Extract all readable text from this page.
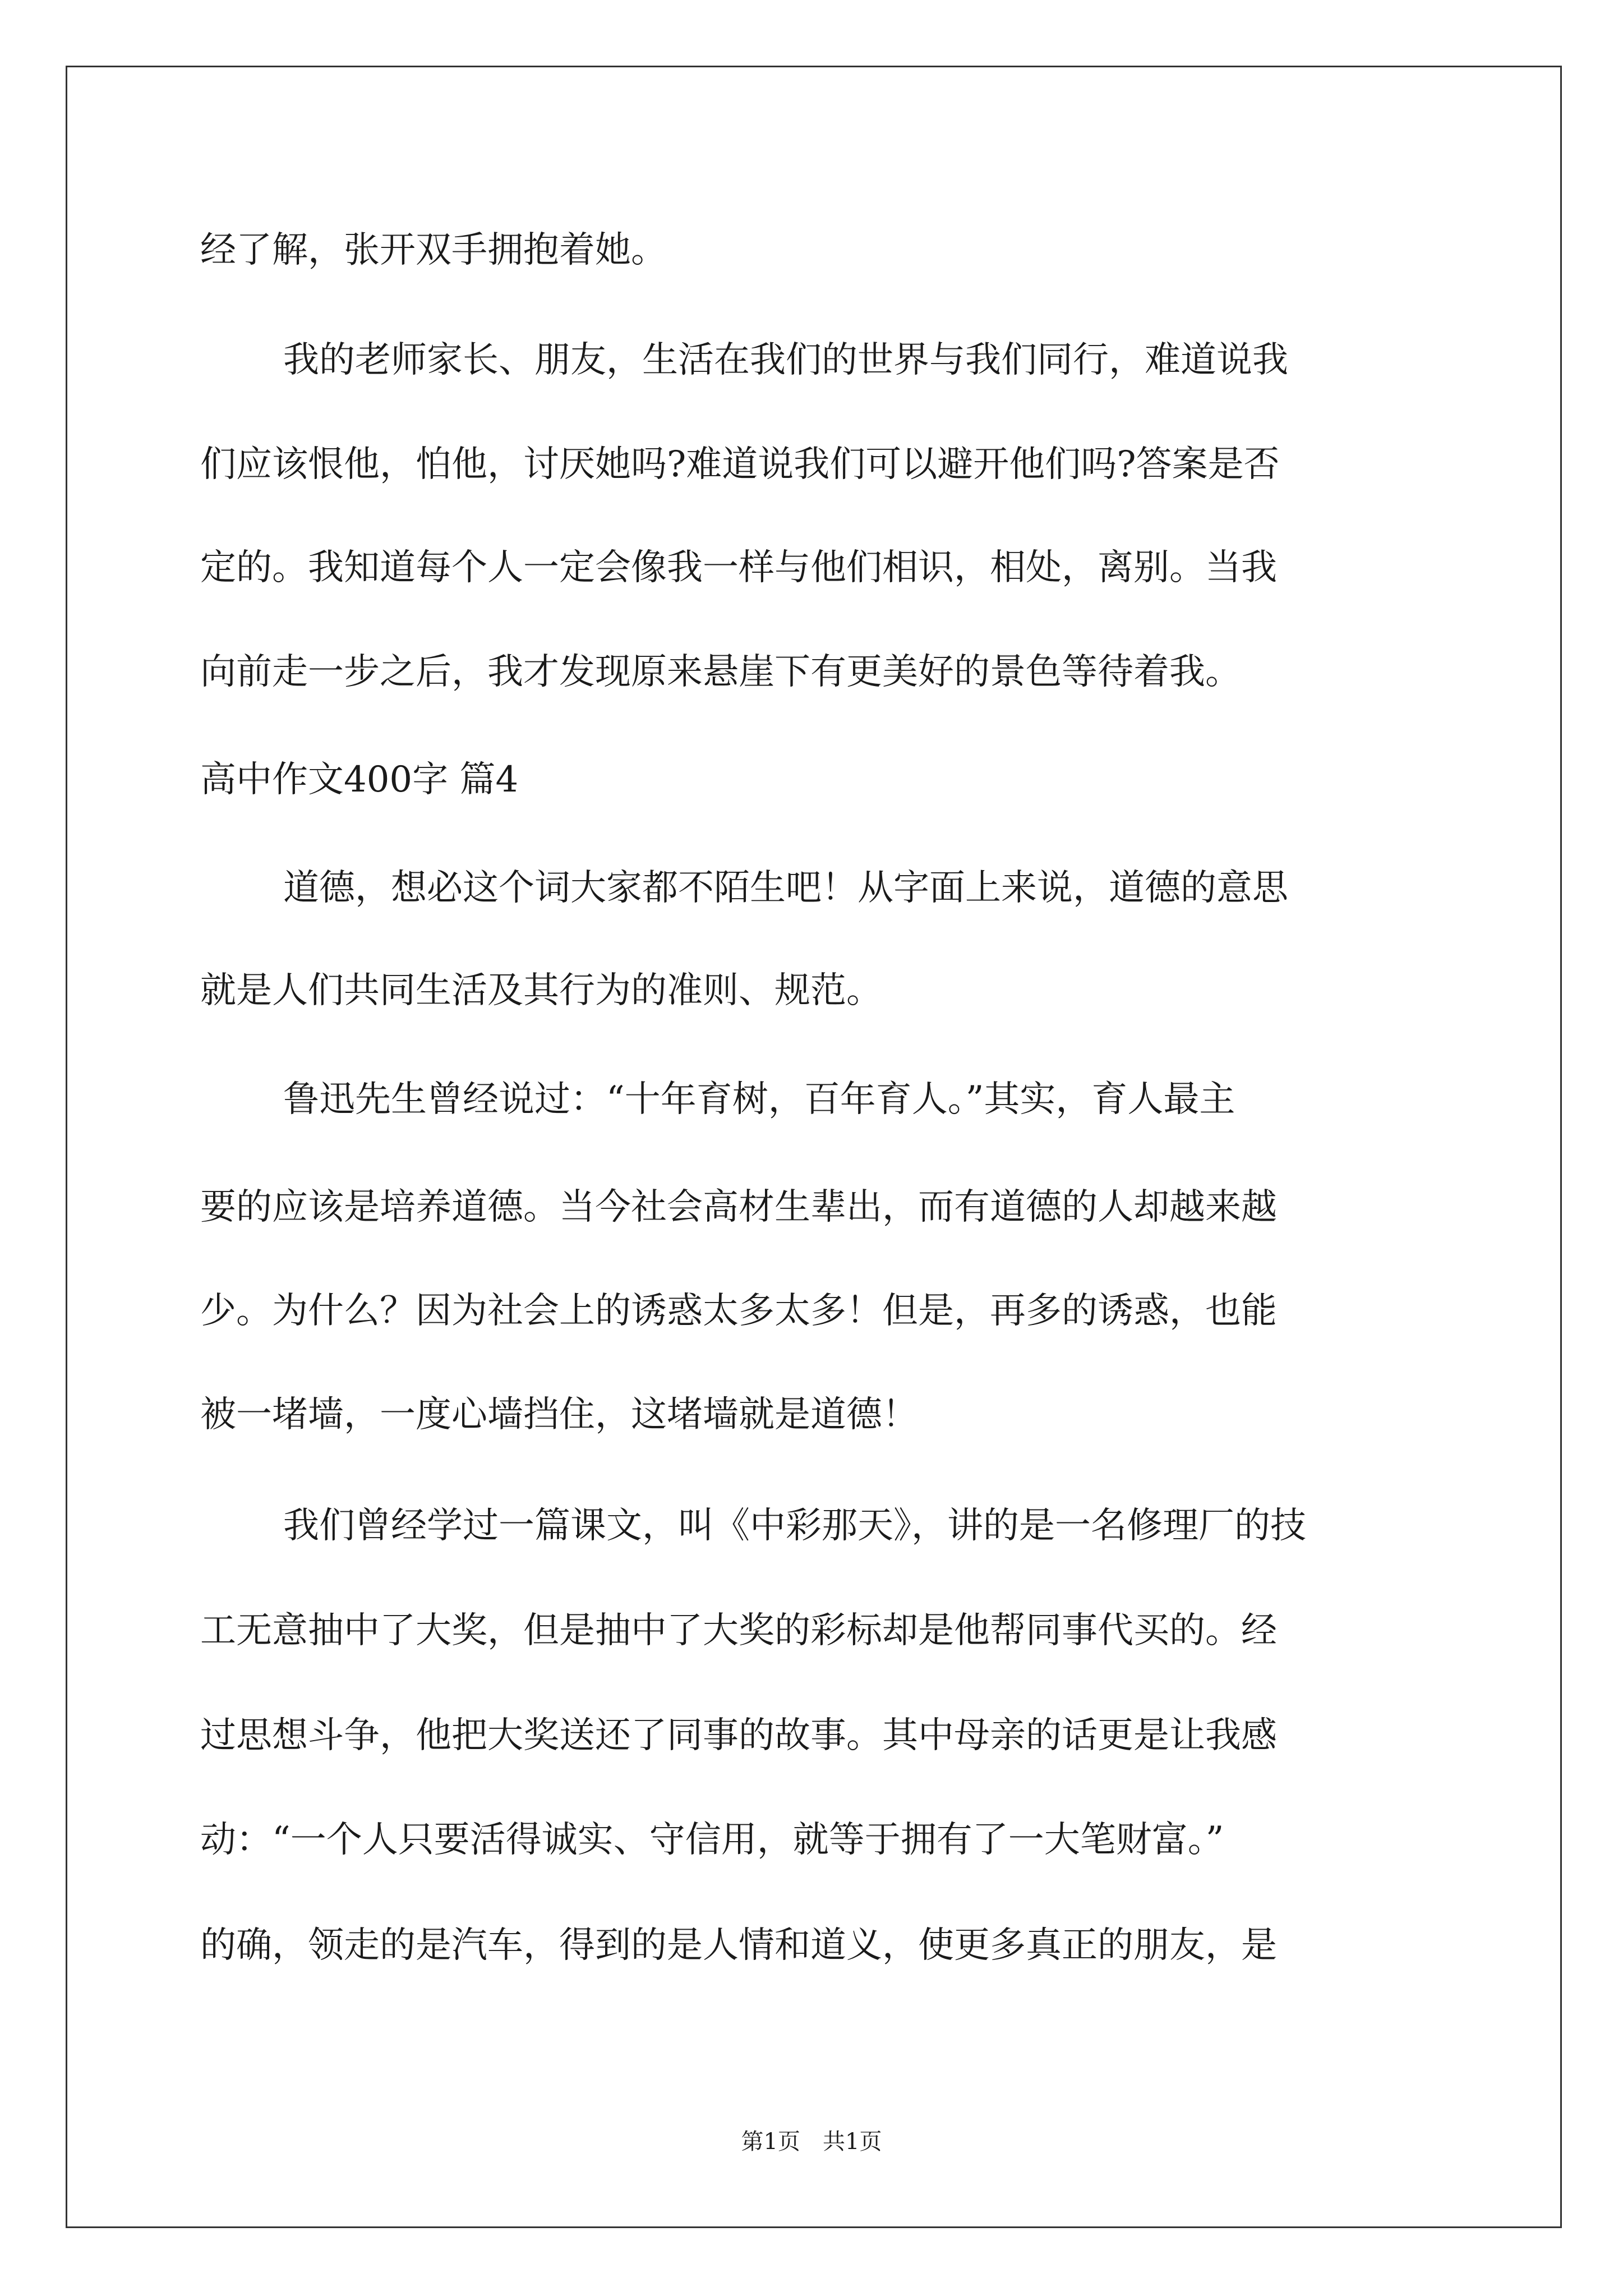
经了解，张开双手拥抱着她。
我的老师家长、朋友，生活在我们的世界与我们同行，难道说我
们应该恨他，怕他，讨厌她吗?难道说我们可以避开他们吗?答案是否
定的。我知道每个人一定会像我一样与他们相识，相处，离别。当我
向前走一步之后，我才发现原来悬崖下有更美好的景色等待着我。
高中作文400字 篇4
道德，想必这个词大家都不陌生吧！从字面上来说，道德的意思
就是人们共同生活及其行为的准则、规范。
鲁迅先生曾经说过：“十年育树，百年育人。”其实，育人最主
要的应该是培养道德。当今社会高材生辈出，而有道德的人却越来越
少。为什么？因为社会上的诱惑太多太多！但是，再多的诱惑，也能
被一堵墙，一度心墙挡住，这堵墙就是道德！
我们曾经学过一篇课文，叫《中彩那天》，讲的是一名修理厂的技
工无意抽中了大奖，但是抽中了大奖的彩标却是他帮同事代买的。经
过思想斗争，他把大奖送还了同事的故事。其中母亲的话更是让我感
动：“一个人只要活得诚实、守信用，就等于拥有了一大笔财富。”
的确，领走的是汽车，得到的是人情和道义，使更多真正的朋友，是
第1页　共1页
